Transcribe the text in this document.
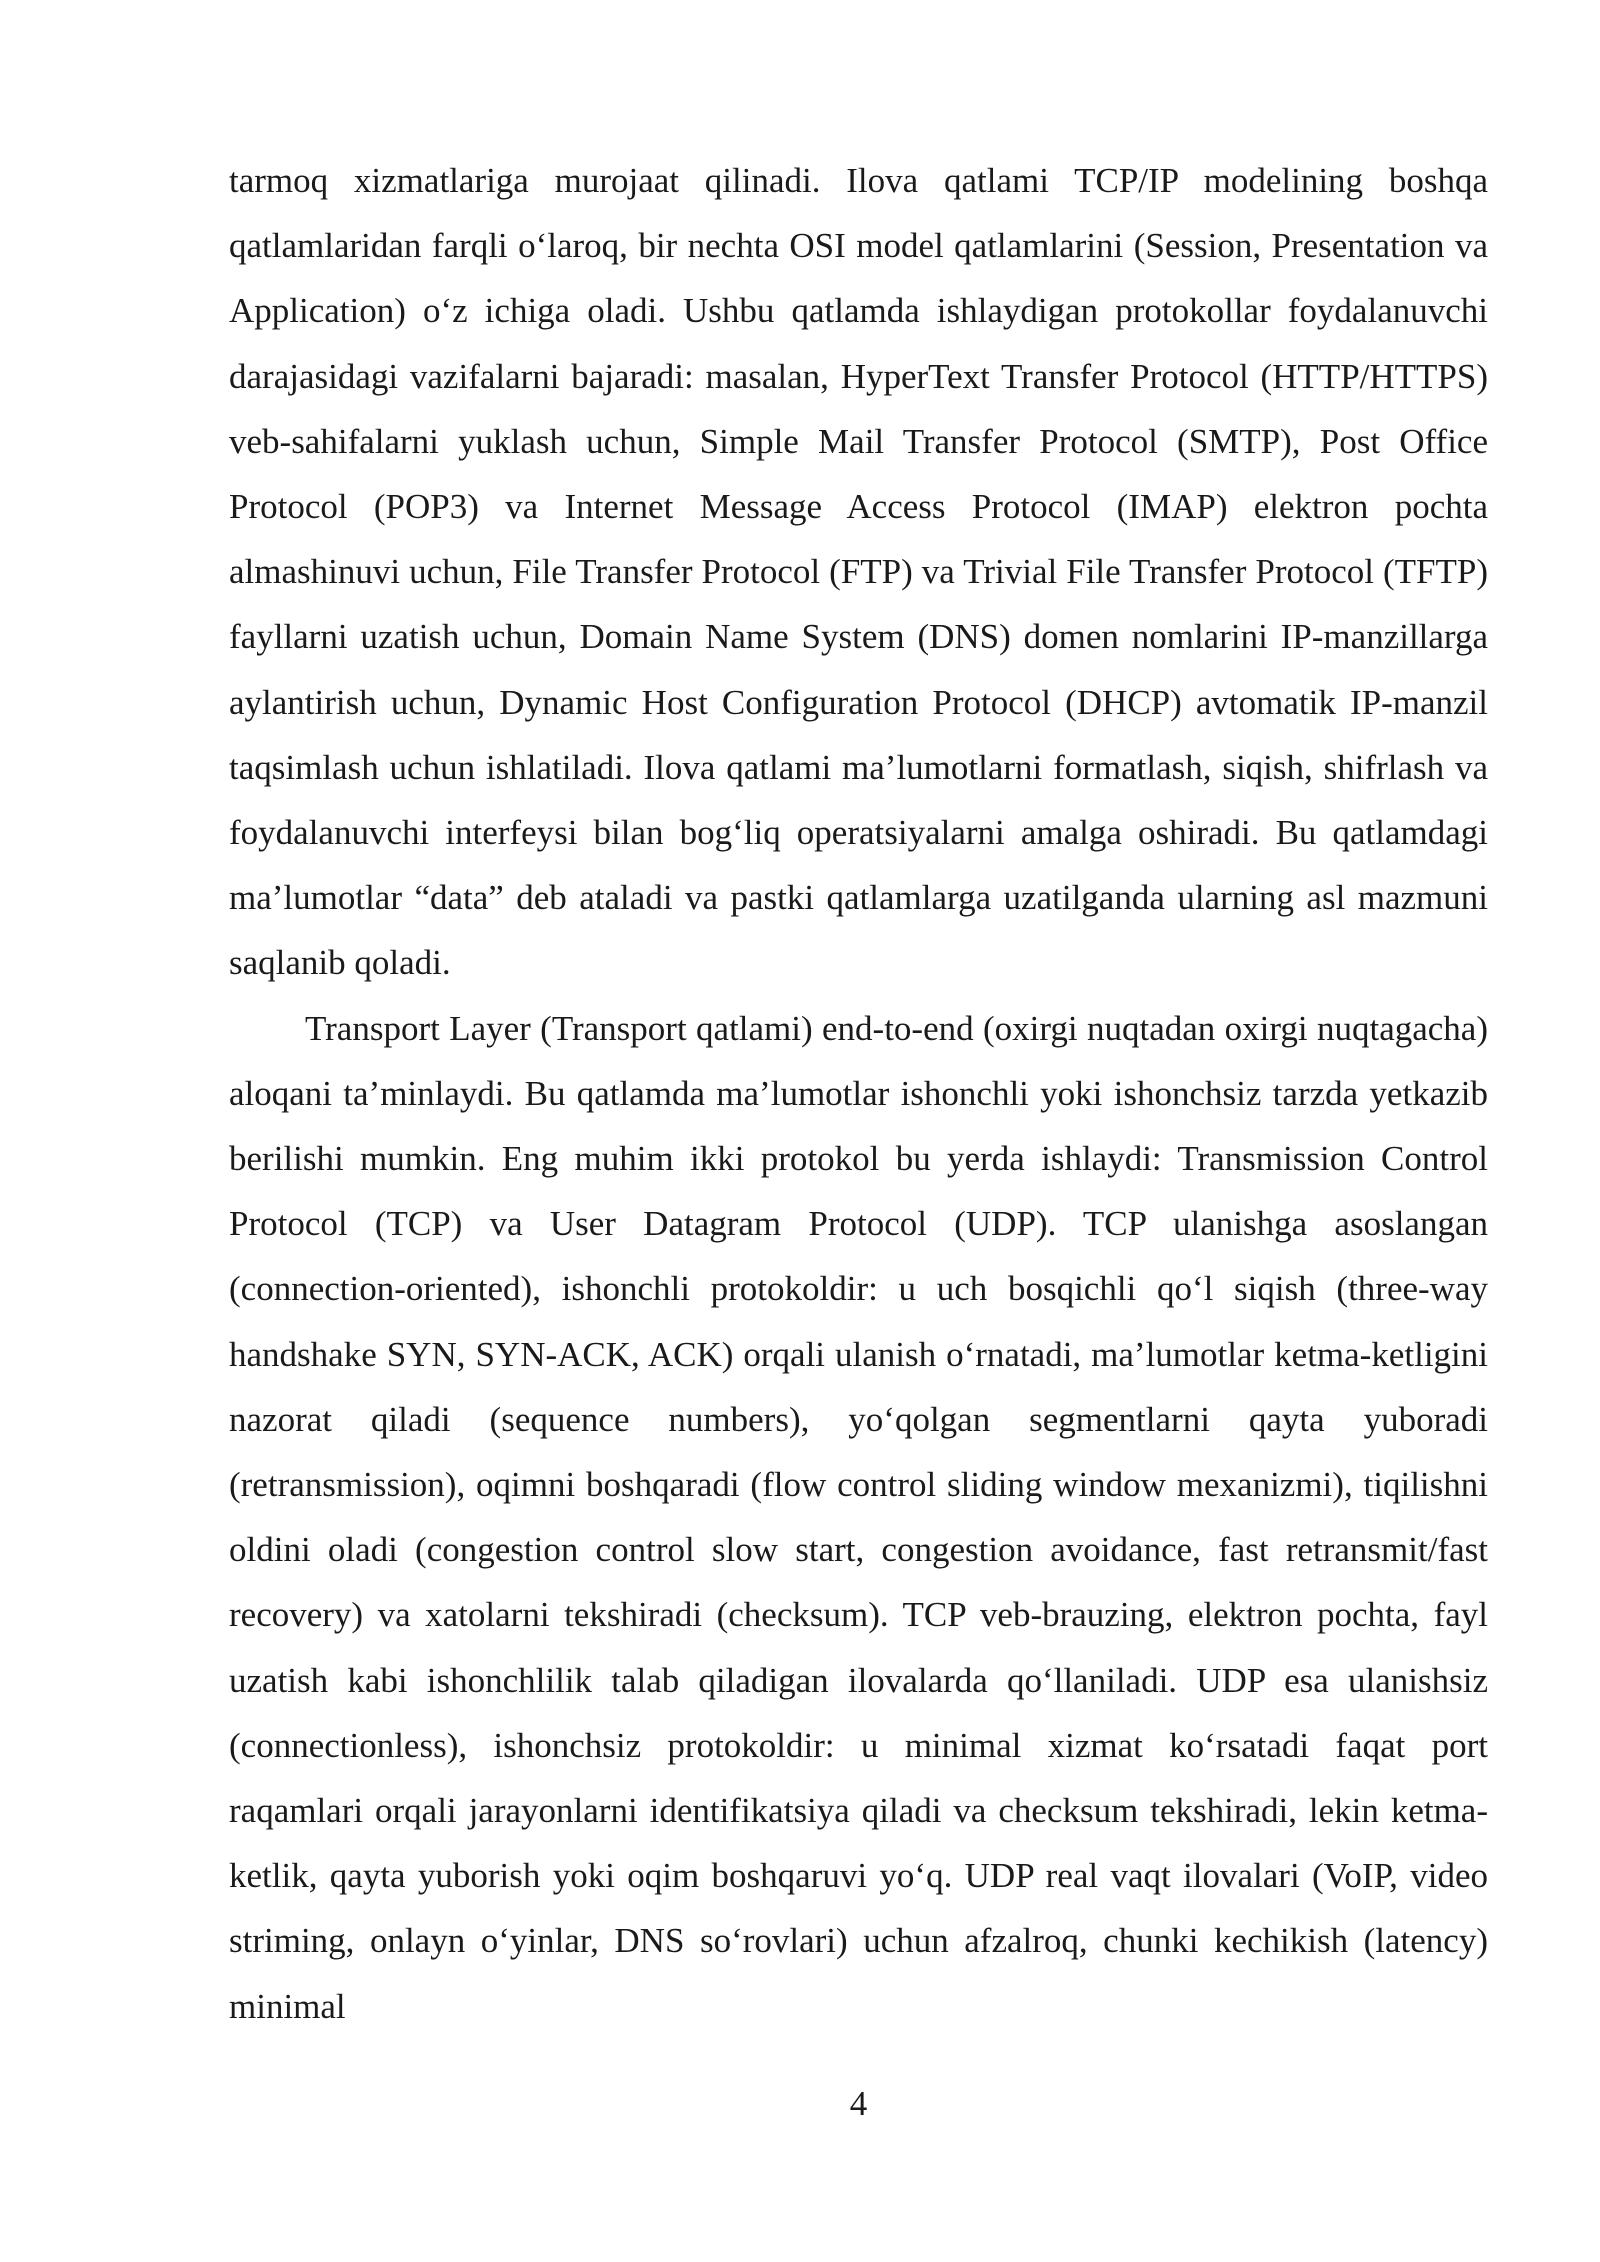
tarmoq xizmatlariga murojaat qilinadi. Ilova qatlami TCP/IP modelining boshqa qatlamlaridan farqli o‘laroq, bir nechta OSI model qatlamlarini (Session, Presentation va Application) o‘z ichiga oladi. Ushbu qatlamda ishlaydigan protokollar foydalanuvchi darajasidagi vazifalarni bajaradi: masalan, HyperText Transfer Protocol (HTTP/HTTPS) veb-sahifalarni yuklash uchun, Simple Mail Transfer Protocol (SMTP), Post Office Protocol (POP3) va Internet Message Access Protocol (IMAP) elektron pochta almashinuvi uchun, File Transfer Protocol (FTP) va Trivial File Transfer Protocol (TFTP) fayllarni uzatish uchun, Domain Name System (DNS) domen nomlarini IP-manzillarga aylantirish uchun, Dynamic Host Configuration Protocol (DHCP) avtomatik IP-manzil taqsimlash uchun ishlatiladi. Ilova qatlami ma’lumotlarni formatlash, siqish, shifrlash va foydalanuvchi interfeysi bilan bog‘liq operatsiyalarni amalga oshiradi. Bu qatlamdagi ma’lumotlar “data” deb ataladi va pastki qatlamlarga uzatilganda ularning asl mazmuni saqlanib qoladi.

Transport Layer (Transport qatlami) end-to-end (oxirgi nuqtadan oxirgi nuqtagacha) aloqani ta’minlaydi. Bu qatlamda ma’lumotlar ishonchli yoki ishonchsiz tarzda yetkazib berilishi mumkin. Eng muhim ikki protokol bu yerda ishlaydi: Transmission Control Protocol (TCP) va User Datagram Protocol (UDP). TCP ulanishga asoslangan (connection-oriented), ishonchli protokoldir: u uch bosqichli qo‘l siqish (three-way handshake SYN, SYN-ACK, ACK) orqali ulanish o‘rnatadi, ma’lumotlar ketma-ketligini nazorat qiladi (sequence numbers), yo‘qolgan segmentlarni qayta yuboradi (retransmission), oqimni boshqaradi (flow control sliding window mexanizmi), tiqilishni oldini oladi (congestion control slow start, congestion avoidance, fast retransmit/fast recovery) va xatolarni tekshiradi (checksum). TCP veb-brauzing, elektron pochta, fayl uzatish kabi ishonchlilik talab qiladigan ilovalarda qo‘llaniladi. UDP esa ulanishsiz (connectionless), ishonchsiz protokoldir: u minimal xizmat ko‘rsatadi faqat port raqamlari orqali jarayonlarni identifikatsiya qiladi va checksum tekshiradi, lekin ketma-ketlik, qayta yuborish yoki oqim boshqaruvi yo‘q. UDP real vaqt ilovalari (VoIP, video striming, onlayn o‘yinlar, DNS so‘rovlari) uchun afzalroq, chunki kechikish (latency) minimal

4
